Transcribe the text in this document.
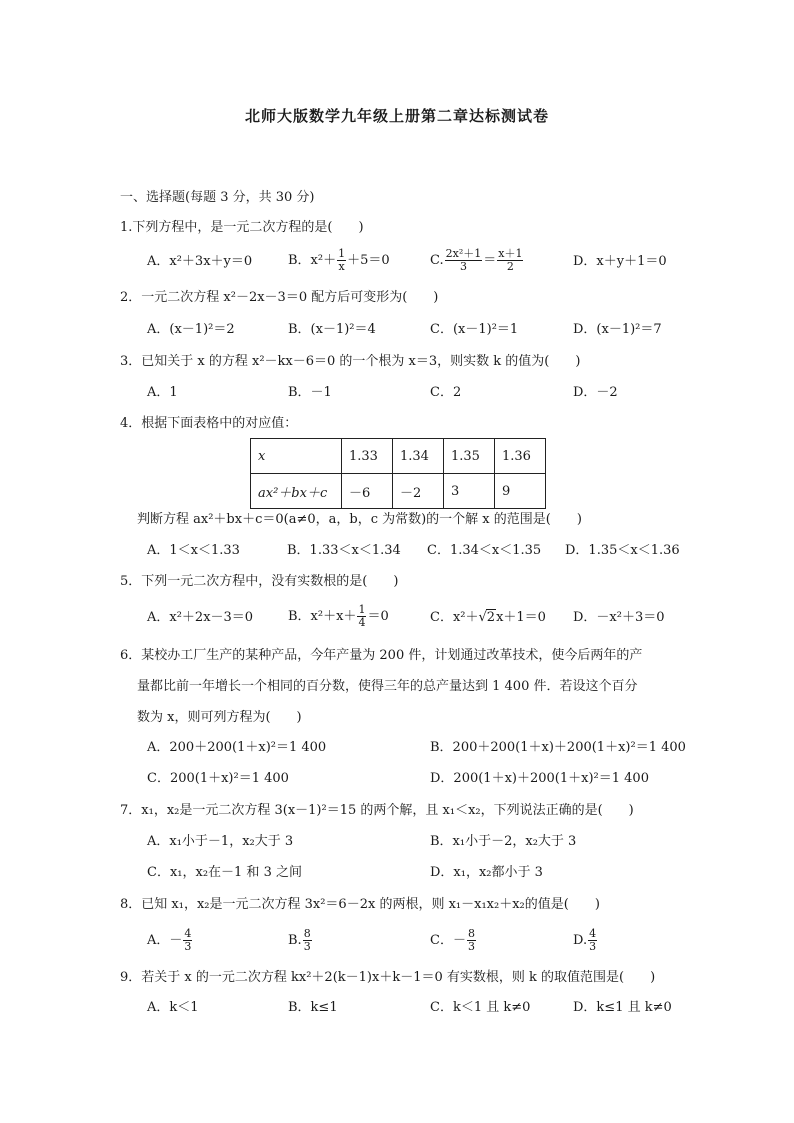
北师大版数学九年级上册第二章达标测试卷
一、选择题(每题 3 分，共 30 分)
1.下列方程中，是一元二次方程的是(　　)
A．x²＋3x＋y＝0	B．$x^2+ \frac{1}{x} +5=0$	C. $\frac{\text{2x²＋1}}{3} = \frac{x+1}{2}$	D．x＋y＋1＝0
2．一元二次方程 x²－2x－3＝0 配方后可变形为(　　)
A．(x－1)²＝2	B．(x－1)²＝4	C．(x－1)²＝1	D．(x－1)²＝7
3．已知关于 x 的方程 x²－kx－6＝0 的一个根为 x＝3，则实数 k 的值为(　　)
A．1	B．－1	C．2	D．－2
4．根据下面表格中的对应值：
x	1.33	1.34	1.35	1.36
ax²＋bx＋c	－6	－2	3	9
判断方程 ax²＋bx＋c＝0(a≠0，a，b，c 为常数)的一个解 x 的范围是(　　)
A．1＜x＜1.33	B．1.33＜x＜1.34 C．1.34＜x＜1.35 D．1.35＜x＜1.36
5．下列一元二次方程中，没有实数根的是(　　)
A．x²＋2x－3＝0	B．$x^2+x+ \frac{1}{4} =0$	C．x²＋√2x＋1＝0 D．－x²＋3＝0
6．某校办工厂生产的某种产品，今年产量为 200 件，计划通过改革技术，使今后两年的产
量都比前一年增长一个相同的百分数，使得三年的总产量达到 1 400 件．若设这个百分
数为 x，则可列方程为(　　)
A．200＋200(1＋x)²＝1 400	B．200＋200(1＋x)＋200(1＋x)²＝1 400
C．200(1＋x)²＝1 400	D．200(1＋x)＋200(1＋x)²＝1 400
7．x₁，x₂是一元二次方程 3(x－1)²＝15 的两个解，且 x₁＜x₂，下列说法正确的是(　　)
A．x₁小于－1，x₂大于 3	B．x₁小于－2，x₂大于 3
C．x₁，x₂在－1 和 3 之间	D．x₁，x₂都小于 3
8．已知 x₁，x₂是一元二次方程 3x²＝6－2x 的两根，则 x₁－x₁x₂＋x₂的值是(　　)
A．－ $\frac{4}{3}$	B. $\frac{8}{3}$	C．－ $\frac{8}{3}$	D. $\frac{4}{3}$
9．若关于 x 的一元二次方程 kx²＋2(k－1)x＋k－1＝0 有实数根，则 k 的取值范围是(　　)
A．k＜1	B．k≤1	C．k＜1 且 k≠0	D．k≤1 且 k≠0
